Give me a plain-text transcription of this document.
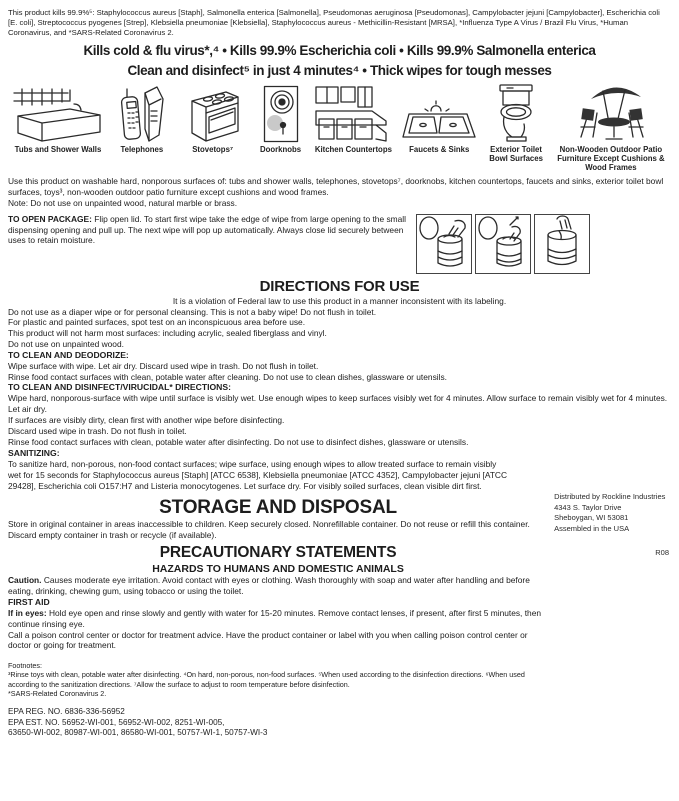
This product kills 99.9%⁵: Staphylococcus aureus [Staph], Salmonella enterica [Salmonella], Pseudomonas aeruginosa [Pseudomonas], Campylobacter jejuni [Campylobacter], Escherichia coli [E. coli], Streptococcus pyogenes [Strep], Klebsiella pneumoniae [Klebsiella], Staphylococcus aureus - Methicillin-Resistant [MRSA], *Influenza Type A Virus / Brazil Flu Virus, *Human Coronavirus, and *SARS-Related Coronavirus 2.

Kills cold & flu virus*,⁴ • Kills 99.9% Escherichia coli • Kills 99.9% Salmonella enterica
Clean and disinfect⁵ in just 4 minutes⁴ • Thick wipes for tough messes
Tubs and Shower Walls Telephones	Stovetops⁷	Doorknobs Kitchen Countertops Faucets & Sinks	Exterior Toilet Bowl Surfaces
Non-Wooden Outdoor Patio Furniture Except Cushions & Wood Frames

Use this product on washable hard, nonporous surfaces of: tubs and shower walls, telephones, stovetops⁷, doorknobs, kitchen countertops, faucets and sinks, exterior toilet bowl surfaces, toys³, non-wooden outdoor patio furniture except cushions and wood frames.

Note: Do not use on unpainted wood, natural marble or brass.

TO OPEN PACKAGE: Flip open lid. To start first wipe take the edge of wipe from large opening to the small dispensing opening and pull up. The next wipe will pop up automatically. Always close lid securely between uses to retain moisture.

DIRECTIONS FOR USE

It is a violation of Federal law to use this product in a manner inconsistent with its labeling.

Do not use as a diaper wipe or for personal cleansing. This is not a baby wipe! Do not flush in toilet.

For plastic and painted surfaces, spot test on an inconspicuous area before use.

This product will not harm most surfaces: including acrylic, sealed fiberglass and vinyl.

Do not use on unpainted wood.

TO CLEAN AND DEODORIZE:

Wipe surface with wipe. Let air dry. Discard used wipe in trash. Do not flush in toilet.

Rinse food contact surfaces with clean, potable water after cleaning. Do not use to clean dishes, glassware or utensils.

TO CLEAN AND DISINFECT/VIRUCIDAL* DIRECTIONS:

Wipe hard, nonporous-surface with wipe until surface is visibly wet. Use enough wipes to keep surfaces visibly wet for 4 minutes. Allow surface to remain visibly wet for 4 minutes. Let air dry.

If surfaces are visibly dirty, clean first with another wipe before disinfecting.

Discard used wipe in trash. Do not flush in toilet.

Rinse food contact surfaces with clean, potable water after disinfecting. Do not use to disinfect dishes, glassware or utensils.

SANITIZING:

To sanitize hard, non-porous, non-food contact surfaces; wipe surface, using enough wipes to allow treated surface to remain visibly wet for 15 seconds for Staphylococcus aureus [Staph] [ATCC 6538], Klebsiella pneumoniae [ATCC 4352], Campylobacter jejuni [ATCC 29428], Escherichia coli O157:H7 and Listeria monocytogenes. Let surface dry. For visibly soiled surfaces, clean visible dirt first.

STORAGE AND DISPOSAL

Store in original container in areas inaccessible to children. Keep securely closed. Nonrefillable container. Do not reuse or refill this container. Discard empty container in trash or recycle (if available).

PRECAUTIONARY STATEMENTS

HAZARDS TO HUMANS AND DOMESTIC ANIMALS

Caution. Causes moderate eye irritation. Avoid contact with eyes or clothing. Wash thoroughly with soap and water after handling and before eating, drinking, chewing gum, using tobacco or using the toilet.

FIRST AID

If in eyes: Hold eye open and rinse slowly and gently with water for 15-20 minutes. Remove contact lenses, if present, after first 5 minutes, then continue rinsing eye.

Call a poison control center or doctor for treatment advice. Have the product container or label with you when calling poison control center or doctor or going for treatment.

Footnotes:
³Rinse toys with clean, potable water after disinfecting. ⁴On hard, non-porous, non-food surfaces. ⁵When used according to the disinfection directions. ⁶When used according to the sanitization directions. ⁷Allow the surface to adjust to room temperature before disinfection.
*SARS-Related Coronavirus 2.
EPA REG. NO. 6836-336-56952
EPA EST. NO. 56952-WI-001, 56952-WI-002, 8251-WI-005,
63650-WI-002, 80987-WI-001, 86580-WI-001, 50757-WI-1, 50757-WI-3
Distributed by Rockline Industries
4343 S. Taylor Drive
Sheboygan, WI 53081
Assembled in the USA
R08
